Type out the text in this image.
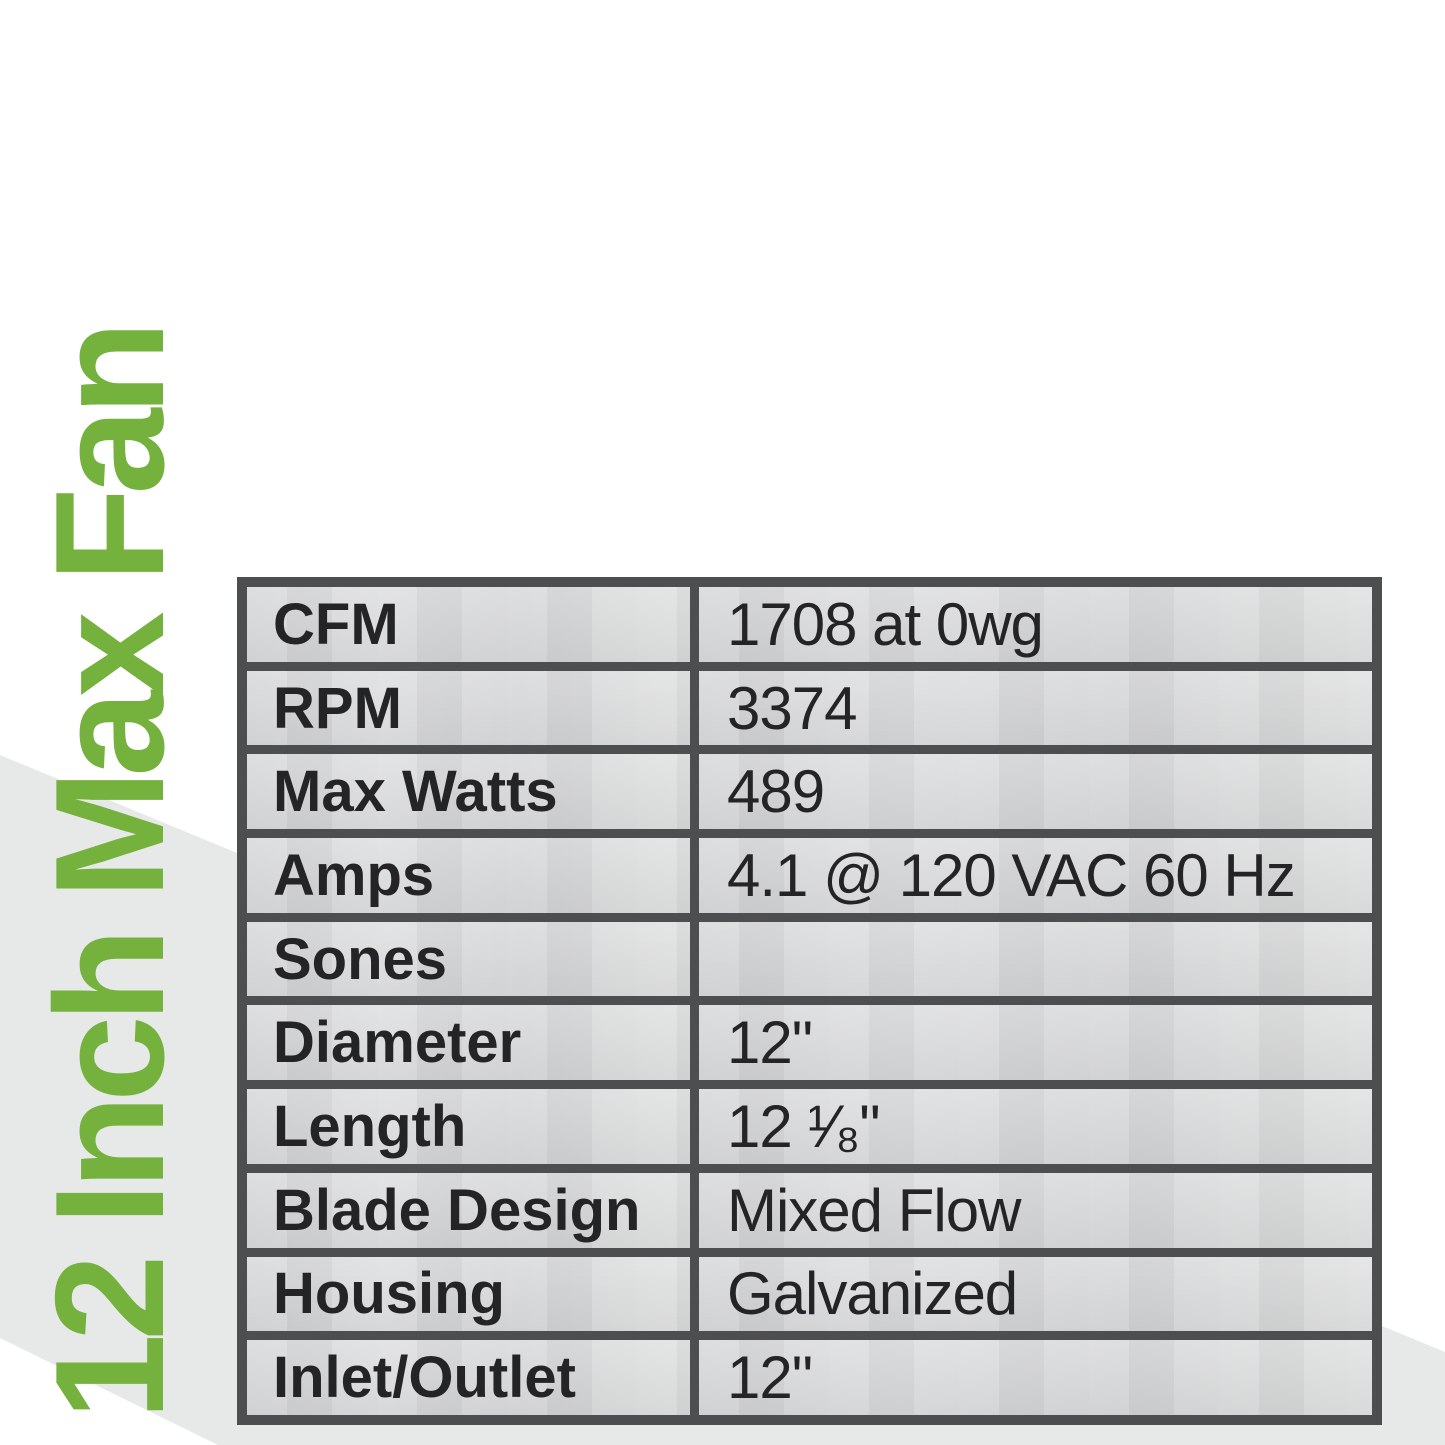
12 Inch Max Fan	CFM	1708 at 0wg
RPM	3374
Max Watts	489
Amps	4.1 @ 120 VAC 60 Hz
Sones
Diameter	12"
Length	12 ¹⁄₈"
Blade Design	Mixed Flow
Housing	Galvanized
Inlet/Outlet	12"
